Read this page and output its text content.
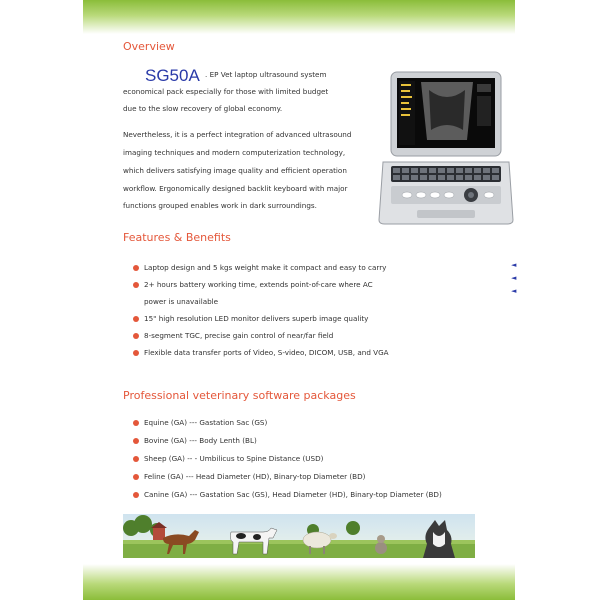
Overview
SG50A . EP Vet laptop ultrasound system
economical pack especially for those with limited budget
due to the slow recovery of global economy.
Nevertheless, it is a perfect integration of advanced ultrasound
imaging techniques and modern computerization technology,
which delivers satisfying image quality and efficient operation
workflow. Ergonomically designed backlit keyboard with major
functions grouped enables work in dark surroundings.
Features & Benefits
Laptop design and 5 kgs weight make it compact and easy to carry
2+ hours battery working time, extends point-of-care where AC
power is unavailable
15" high resolution LED monitor delivers superb image quality
8-segment TGC, precise gain control of near/far field
Flexible data transfer ports of Video, S-video, DICOM, USB, and VGA
◄
◄
◄
Professional veterinary software packages
Equine (GA) --- Gastation Sac (GS)
Bovine (GA) --- Body Lenth (BL)
Sheep (GA) -- - Umbilicus to Spine Distance (USD)
Feline (GA) --- Head Diameter (HD), Binary-top Diameter (BD)
Canine (GA) --- Gastation Sac (GS), Head Diameter (HD), Binary-top Diameter (BD)
